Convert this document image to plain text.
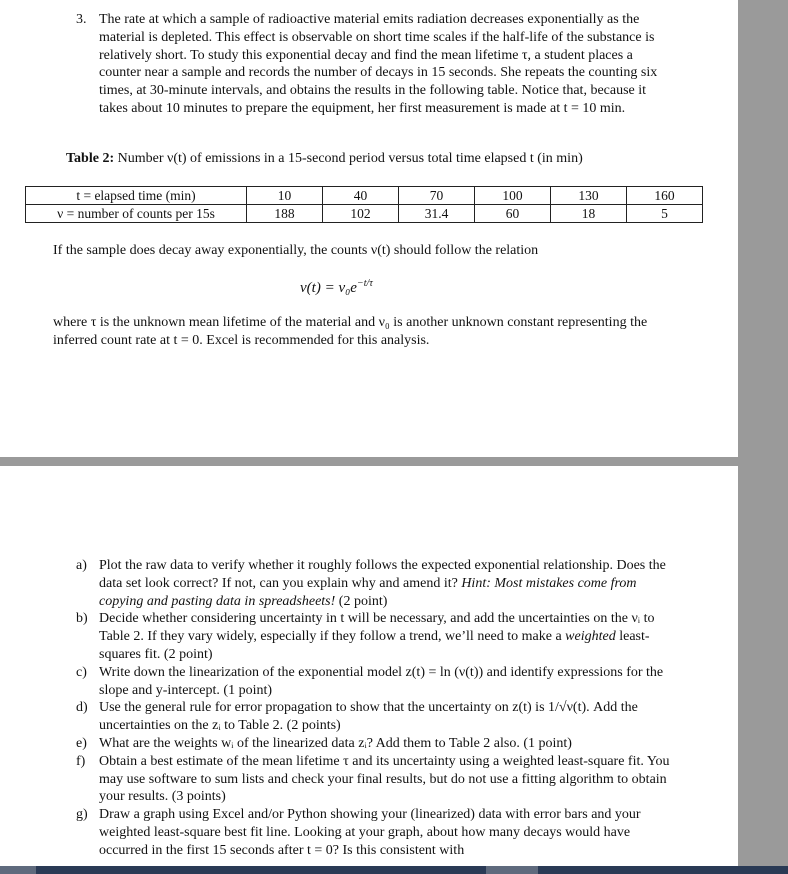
3. The rate at which a sample of radioactive material emits radiation decreases exponentially as the material is depleted. This effect is observable on short time scales if the half-life of the substance is relatively short. To study this exponential decay and find the mean lifetime τ, a student places a counter near a sample and records the number of decays in 15 seconds. She repeats the counting six times, at 30-minute intervals, and obtains the results in the following table. Notice that, because it takes about 10 minutes to prepare the equipment, her first measurement is made at t = 10 min.
Table 2: Number ν(t) of emissions in a 15-second period versus total time elapsed t (in min)
t = elapsed time (min)	10	40	70	100	130	160
ν = number of counts per 15s	188	102	31.4	60	18	5
If the sample does decay away exponentially, the counts ν(t) should follow the relation
$\nu(t) = \nu_0e^{-t/\tau}$
where τ is the unknown mean lifetime of the material and ν₀ is another unknown constant representing the inferred count rate at t = 0. Excel is recommended for this analysis.
a) Plot the raw data to verify whether it roughly follows the expected exponential relationship. Does the data set look correct? If not, can you explain why and amend it? Hint: Most mistakes come from copying and pasting data in spreadsheets! (2 point)
b) Decide whether considering uncertainty in t will be necessary, and add the uncertainties on the νᵢ to Table 2. If they vary widely, especially if they follow a trend, we’ll need to make a weighted least-squares fit. (2 point)
c) Write down the linearization of the exponential model z(t) = ln (ν(t)) and identify expressions for the slope and y-intercept. (1 point)
d) Use the general rule for error propagation to show that the uncertainty on z(t) is 1/√ν(t). Add the uncertainties on the zᵢ to Table 2. (2 points)
e) What are the weights wᵢ of the linearized data zᵢ? Add them to Table 2 also. (1 point)
f) Obtain a best estimate of the mean lifetime τ and its uncertainty using a weighted least-square fit. You may use software to sum lists and check your final results, but do not use a fitting algorithm to obtain your results. (3 points)
g) Draw a graph using Excel and/or Python showing your (linearized) data with error bars and your weighted least-square best fit line. Looking at your graph, about how many decays would have occurred in the first 15 seconds after t = 0? Is this consistent with
